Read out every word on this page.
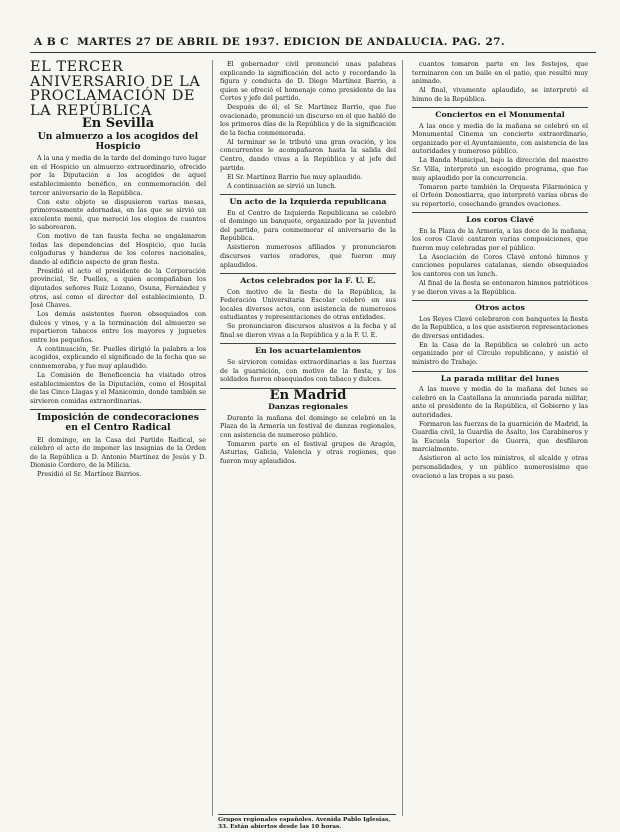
A B C MARTES 27 DE ABRIL DE 1937. EDICION DE ANDALUCIA. PAG. 27.
EL TERCER ANIVERSARIO DE LA PROCLAMACIÓN DE LA REPÚBLICA
En Sevilla
Un almuerzo a los acogidos del Hospicio

A la una y media de la tarde del domingo tuvo lugar en el Hospicio un almuerzo extraordinario, ofrecido por la Diputación a los acogidos de aquel establecimiento benéfico, en conmemoración del tercer aniversario de la República.

Con este objeto se dispusieron varias mesas, primorosamente adornadas, en las que se sirvió un excelente menú, que mereció los elogios de cuantos lo saborearon.

Con motivo de tan fausta fecha se engalanaron todas las dependencias del Hospicio, que lucía colgaduras y banderas de los colores nacionales, dando al edificio aspecto de gran fiesta.

Presidió el acto el presidente de la Corporación provincial, Sr. Puelles, a quien acompañaban los diputados señores Ruiz Lozano, Osuna, Fernández y otros, así como el director del establecimiento, D. José Chaves.

Los demás asistentes fueron obsequiados con dulces y vinos, y a la terminación del almuerzo se repartieron tabacos entre los mayores y juguetes entre los pequeños.

A continuación, Sr. Puelles dirigió la palabra a los acogidos, explicando el significado de la fecha que se conmemoraba, y fue muy aplaudido.

La Comisión de Beneficencia ha visitado otros establecimientos de la Diputación, como el Hospital de las Cinco Llagas y el Manicomio, donde también se sirvieron comidas extraordinarias.

Imposición de condecoraciones en el Centro Radical

El domingo, en la Casa del Partido Radical, se celebró el acto de imponer las insignias de la Orden de la República a D. Antonio Martínez de Jesús y D. Dionisio Cordero, de la Milicia.

Presidió el Sr. Martínez Barrios.

El gobernador civil pronunció unas palabras explicando la significación del acto y recordando la figura y conducta de D. Diego Martínez Barrio, a quien se ofreció el homenaje como presidente de las Cortes y jefe del partido.

Después de él, el Sr. Martínez Barrio, que fue ovacionado, pronunció un discurso en el que habló de los primeros días de la República y de la significación de la fecha conmemorada.

Al terminar se le tributó una gran ovación, y los concurrentes le acompañaron hasta la salida del Centro, dando vivas a la República y al jefe del partido.

El Sr. Martínez Barrio fue muy aplaudido.

A continuación se sirvió un lunch.

Un acto de la Izquierda republicana

En el Centro de Izquierda Republicana se celebró el domingo un banquete, organizado por la juventud del partido, para conmemorar el aniversario de la República.

Asistieron numerosos afiliados y pronunciaron discursos varios oradores, que fueron muy aplaudidos.

Actos celebrados por la F. U. E.

Con motivo de la fiesta de la República, la Federación Universitaria Escolar celebró en sus locales diversos actos, con asistencia de numerosos estudiantes y representaciones de otras entidades.

Se pronunciaron discursos alusivos a la fecha y al final se dieron vivas a la República y a la F. U. E.

En los acuartelamientos

Se sirvieron comidas extraordinarias a las fuerzas de la guarnición, con motivo de la fiesta, y los soldados fueron obsequiados con tabaco y dulces.

En Madrid
Danzas regionales

Durante la mañana del domingo se celebró en la Plaza de la Armería un festival de danzas regionales, con asistencia de numeroso público.

Tomaron parte en el festival grupos de Aragón, Asturias, Galicia, Valencia y otras regiones, que fueron muy aplaudidos.

Grupos regionales españoles. Avenida Pablo Iglesias, 33. Están abiertos desde las 10 horas.

cuantos tomaron parte en los festejos, que terminaron con un baile en el patio, que resultó muy animado.

Al final, vivamente aplaudido, se interpretó el himno de la República.

Conciertos en el Monumental

A las once y media de la mañana se celebró en el Monumental Cinema un concierto extraordinario, organizado por el Ayuntamiento, con asistencia de las autoridades y numeroso público.

La Banda Municipal, bajo la dirección del maestro Sr. Villa, interpretó un escogido programa, que fue muy aplaudido por la concurrencia.

Tomaron parte también la Orquesta Filarmónica y el Orfeón Donostiarra, que interpretó varias obras de su repertorio, cosechando grandes ovaciones.

Los coros Clavé

En la Plaza de la Armería, a las doce de la mañana, los coros Clavé cantaron varias composiciones, que fueron muy celebradas por el público.

La Asociación de Coros Clavé entonó himnos y canciones populares catalanas, siendo obsequiados los cantores con un lunch.

Al final de la fiesta se entonaron himnos patrióticos y se dieron vivas a la República.

Otros actos

Los Reyes Clavé celebraron con banquetes la fiesta de la República, a los que asistieron representaciones de diversas entidades.

En la Casa de la República se celebró un acto organizado por el Círculo republicano, y asistió el ministro de Trabajo.

La parada militar del lunes

A las nueve y media de la mañana del lunes se celebró en la Castellana la anunciada parada militar, ante el presidente de la República, el Gobierno y las autoridades.

Formaron las fuerzas de la guarnición de Madrid, la Guardia civil, la Guardia de Asalto, los Carabineros y la Escuela Superior de Guerra, que desfilaron marcialmente.

Asistieron al acto los ministros, el alcalde y otras personalidades, y un público numerosísimo que ovacionó a las tropas a su paso.
